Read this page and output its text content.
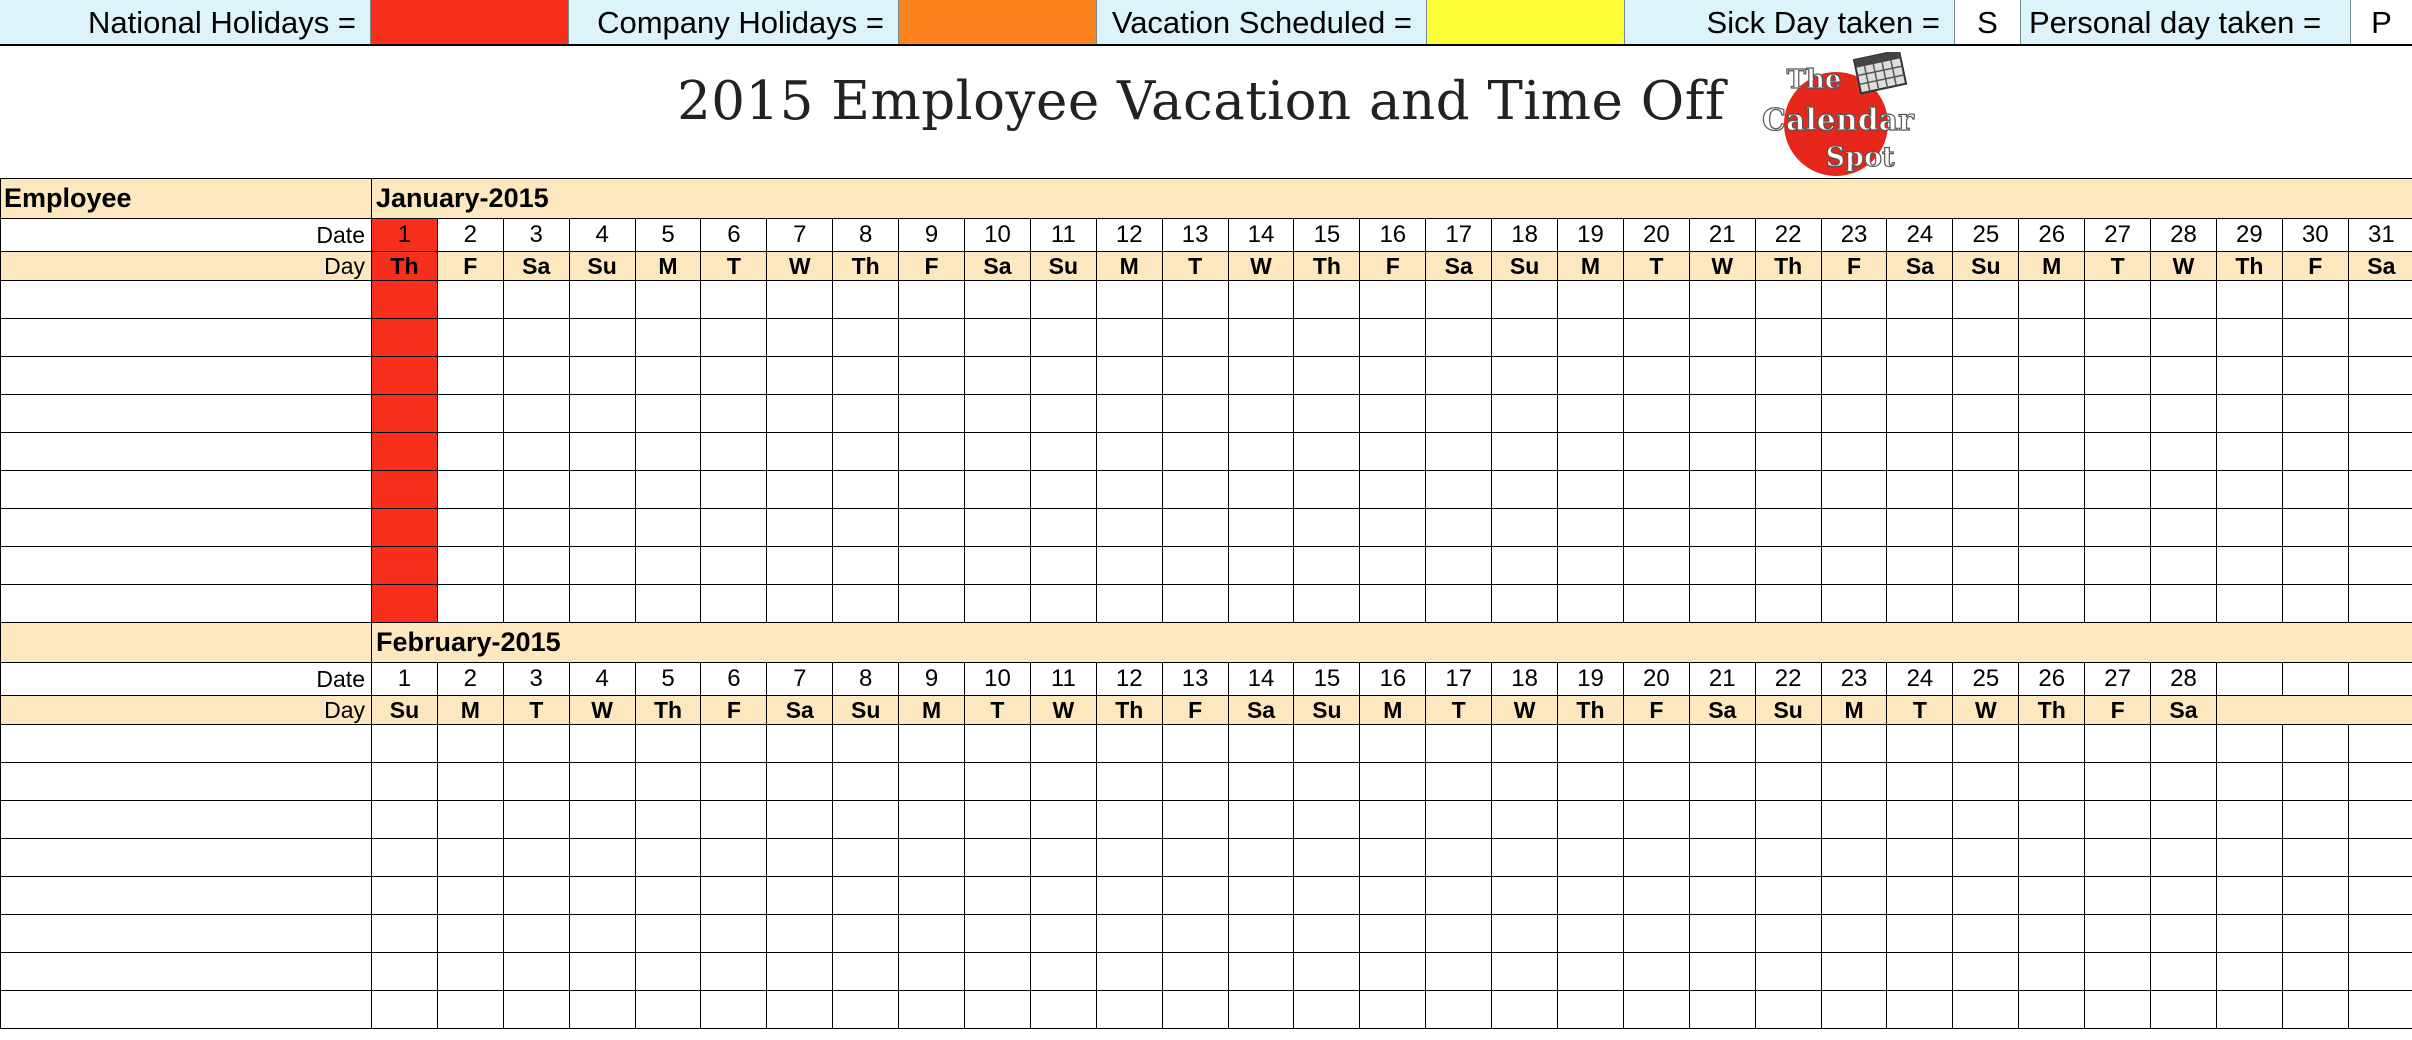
National Holidays =	Company Holidays =	Vacation Scheduled =	Sick Day taken =	S	Personal day taken =	P
2015 Employee Vacation and Time Off	The
Calendar
Spot
Employee	January-2015																														
Date	1	2	3	4	5	6	7	8	9	10	11	12	13	14	15	16	17	18	19	20	21	22	23	24	25	26	27	28	29	30	31
Day	Th	F	Sa	Su	M	T	W	Th	F	Sa	Su	M	T	W	Th	F	Sa	Su	M	T	W	Th	F	Sa	Su	M	T	W	Th	F	Sa

	February-2015																														
Date	1	2	3	4	5	6	7	8	9	10	11	12	13	14	15	16	17	18	19	20	21	22	23	24	25	26	27	28			
Day	Su	M	T	W	Th	F	Sa	Su	M	T	W	Th	F	Sa	Su	M	T	W	Th	F	Sa	Su	M	T	W	Th	F	Sa			
